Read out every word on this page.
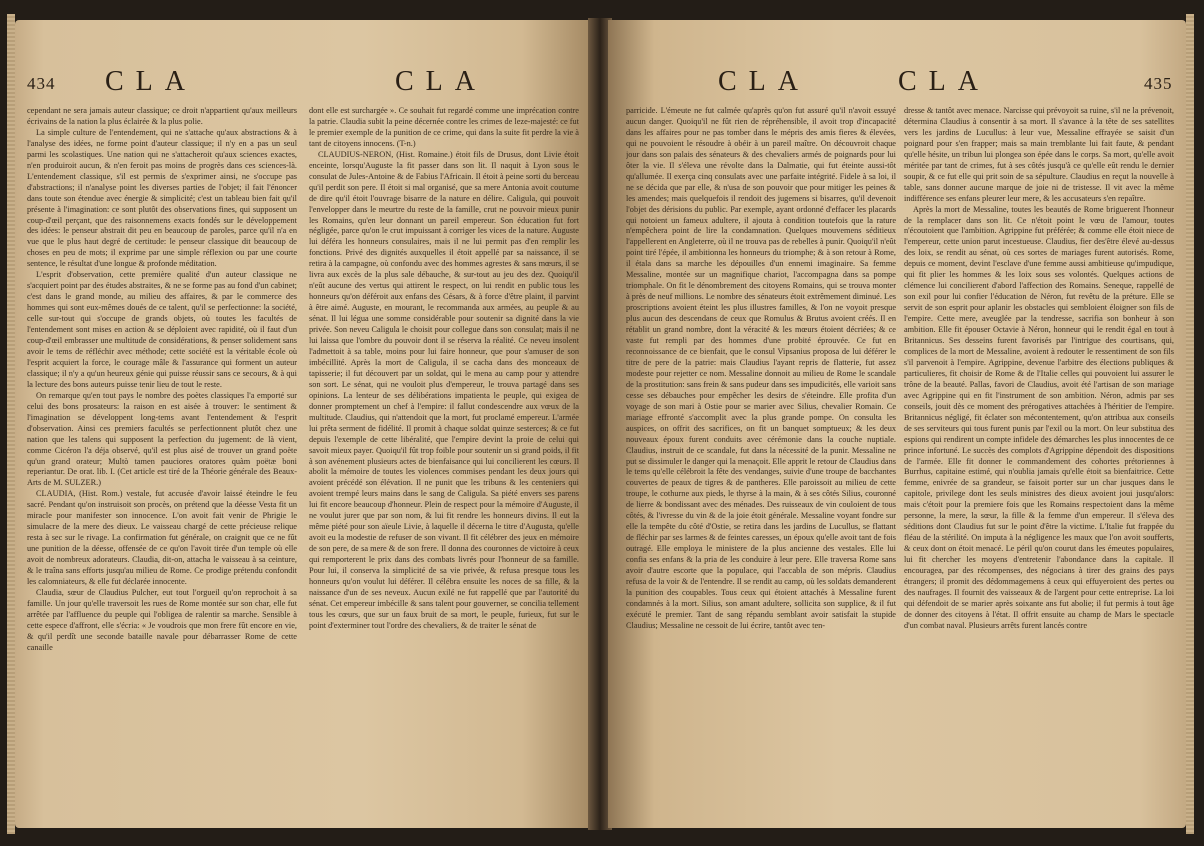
434 CLA	CLA

cependant ne sera jamais auteur classique; ce droit n'appartient qu'aux meilleurs écrivains de la nation la plus éclairée & la plus polie.

La simple culture de l'entendement, qui ne s'attache qu'aux abstractions & à l'analyse des idées, ne forme point d'auteur classique; il n'y en a pas un seul parmi les scolastiques. Une nation qui ne s'attacheroit qu'aux sciences exactes, n'en produiroit aucun, & n'en feroit pas moins de progrès dans ces sciences-là. L'entendement classique, s'il est permis de s'exprimer ainsi, ne s'occupe pas d'abstractions; il n'analyse point les diverses parties de l'objet; il fait l'énoncer dans toute son étendue avec énergie & simplicité; c'est un tableau bien fait qu'il présente à l'imagination: ce sont plutôt des observations fines, qui supposent un coup-d'œil perçant, que des raisonnemens exacts fondés sur le développement des idées: le penseur abstrait dit peu en beaucoup de paroles, parce qu'il n'a en vue que le plus haut degré de certitude: le penseur classique dit beaucoup de choses en peu de mots; il exprime par une simple réflexion ou par une courte sentence, le résultat d'une longue & profonde méditation.

L'esprit d'observation, cette première qualité d'un auteur classique ne s'acquiert point par des études abstraites, & ne se forme pas au fond d'un cabinet; c'est dans le grand monde, au milieu des affaires, & par le commerce des hommes qui sont eux-mêmes doués de ce talent, qu'il se perfectionne: la société, celle sur-tout qui s'occupe de grands objets, où toutes les facultés de l'entendement sont mises en action & se déploient avec rapidité, où il faut d'un coup-d'œil embrasser une multitude de considérations, & penser solidement sans avoir le tems de réfléchir avec méthode; cette société est la véritable école où l'esprit acquiert la force, le courage mâle & l'assurance qui forment un auteur classique; il n'y a qu'un heureux génie qui puisse réussir sans ce secours, & à qui la lecture des bons auteurs puisse tenir lieu de tout le reste.

On remarque qu'en tout pays le nombre des poètes classiques l'a emporté sur celui des bons prosateurs: la raison en est aisée à trouver: le sentiment & l'imagination se développent long-tems avant l'entendement & l'esprit d'observation. Ainsi ces premiers facultés se perfectionnent plutôt chez une nation que les talens qui supposent la perfection du jugement: de là vient, comme Cicéron l'a déja observé, qu'il est plus aisé de trouver un grand poète qu'un grand orateur; Multò tamen pauciores oratores quàm poëtæ boni reperiantur. De orat. lib. I. (Cet article est tiré de la Théorie générale des Beaux-Arts de M. SULZER.)

CLAUDIA, (Hist. Rom.) vestale, fut accusée d'avoir laissé éteindre le feu sacré. Pendant qu'on instruisoit son procès, on prétend que la déesse Vesta fit un miracle pour manifester son innocence. L'on avoit fait venir de Phrigie le simulacre de la mere des dieux. Le vaisseau chargé de cette précieuse relique resta à sec sur le rivage. La confirmation fut générale, on craignit que ce ne fût une punition de la déesse, offensée de ce qu'on l'avoit tirée d'un temple où elle avoit de nombreux adorateurs. Claudia, dit-on, attacha le vaisseau à sa ceinture, & le traîna sans efforts jusqu'au milieu de Rome. Ce prodige prétendu confondit les calomniateurs, & elle fut déclarée innocente.

Claudia, sœur de Claudius Pulcher, eut tout l'orgueil qu'on reprochoit à sa famille. Un jour qu'elle traversoit les rues de Rome montée sur son char, elle fut arrêtée par l'affluence du peuple qui l'obligea de ralentir sa marche. Sensible à cette espece d'affront, elle s'écria: « Je voudrois que mon frere fût encore en vie, & qu'il perdît une seconde bataille navale pour débarrasser Rome de cette canaille

dont elle est surchargée ». Ce souhait fut regardé comme une imprécation contre la patrie. Claudia subit la peine décernée contre les crimes de leze-majesté: ce fut le premier exemple de la punition de ce crime, qui dans la suite fit perdre la vie à tant de citoyens innocens. (T-n.)

CLAUDIUS-NERON, (Hist. Romaine.) étoit fils de Drusus, dont Livie étoit enceinte, lorsqu'Auguste la fit passer dans son lit. Il naquit à Lyon sous le consulat de Jules-Antoine & de Fabius l'Africain. Il étoit à peine sorti du berceau qu'il perdit son pere. Il étoit si mal organisé, que sa mere Antonia avoit coutume de dire qu'il étoit l'ouvrage bisarre de la nature en délire. Caligula, qui pouvoit l'envelopper dans le meurtre du reste de la famille, crut ne pouvoir mieux punir les Romains, qu'en leur donnant un pareil empereur. Son éducation fut fort négligée, parce qu'on le crut impuissant à corriger les vices de la nature. Auguste lui déféra les honneurs consulaires, mais il ne lui permit pas d'en remplir les fonctions. Privé des dignités auxquelles il étoit appellé par sa naissance, il se retira à la campagne, où confondu avec des hommes agrestes & sans mœurs, il se livra aux excès de la plus sale débauche, & sur-tout au jeu des dez. Quoiqu'il n'eût aucune des vertus qui attirent le respect, on lui rendit en public tous les honneurs qu'on déféroit aux enfans des Césars, & à force d'être plaint, il parvint à être aimé. Auguste, en mourant, le recommanda aux armées, au peuple & au sénat. Il lui légua une somme considérable pour soutenir sa dignité dans la vie privée. Son neveu Caligula le choisit pour collegue dans son consulat; mais il ne lui laissa que l'ombre du pouvoir dont il se réserva la réalité. Ce neveu insolent l'admettoit à sa table, moins pour lui faire honneur, que pour s'amuser de son imbécillité. Après la mort de Caligula, il se cacha dans des monceaux de tapisserie; il fut découvert par un soldat, qui le mena au camp pour y attendre son sort. Le sénat, qui ne vouloit plus d'empereur, le trouva partagé dans ses opinions. La lenteur de ses délibérations impatienta le peuple, qui exigea de donner promptement un chef à l'empire: il fallut condescendre aux vœux de la multitude. Claudius, qui n'attendoit que la mort, fut proclamé empereur. L'armée lui prêta serment de fidélité. Il promit à chaque soldat quinze sesterces; & ce fut depuis l'exemple de cette libéralité, que l'empire devint la proie de celui qui savoit mieux payer. Quoiqu'il fût trop foible pour soutenir un si grand poids, il fit à son avénement plusieurs actes de bienfaisance qui lui concilierent les cœurs. Il abolit la mémoire de toutes les violences commises pendant les deux jours qui avoient précédé son élévation. Il ne punit que les tribuns & les centeniers qui avoient trempé leurs mains dans le sang de Caligula. Sa piété envers ses parens lui fit encore beaucoup d'honneur. Plein de respect pour la mémoire d'Auguste, il ne voulut jurer que par son nom, & lui fit rendre les honneurs divins. Il eut la même piété pour son aïeule Livie, à laquelle il décerna le titre d'Augusta, qu'elle avoit eu la modestie de refuser de son vivant. Il fit célébrer des jeux en mémoire de son pere, de sa mere & de son frere. Il donna des couronnes de victoire à ceux qui remporterent le prix dans des combats livrés pour l'honneur de sa famille. Pour lui, il conserva la simplicité de sa vie privée, & refusa presque tous les honneurs qu'on voulut lui déférer. Il célébra ensuite les noces de sa fille, & la naissance d'un de ses neveux. Aucun exilé ne fut rappellé que par l'autorité du sénat. Cet empereur imbécille & sans talent pour gouverner, se concilia tellement tous les cœurs, que sur un faux bruit de sa mort, le peuple, furieux, fut sur le point d'exterminer tout l'ordre des chevaliers, & de traiter le sénat de

CLA	CLA	435

parricide. L'émeute ne fut calmée qu'après qu'on fut assuré qu'il n'avoit essuyé aucun danger. Quoiqu'il ne fût rien de répréhensible, il avoit trop d'incapacité dans les affaires pour ne pas tomber dans le mépris des amis fieres & élevées, qui ne pouvoient le résoudre à obéir à un pareil maître. On découvroit chaque jour dans son palais des sénateurs & des chevaliers armés de poignards pour lui ôter la vie. Il s'éleva une révolte dans la Dalmatie, qui fut éteinte aussi-tôt qu'allumée. Il exerça cinq consulats avec une parfaite intégrité. Fidele à sa loi, il ne se décida que par elle, & n'usa de son pouvoir que pour mitiger les peines & les amendes; mais quelquefois il rendoit des jugemens si bisarres, qu'il devenoit l'objet des dérisions du public. Par exemple, ayant ordonné d'effacer les placards qui notoient un fameux adultere, il ajouta à condition toutefois que la rature n'empêchera point de lire la condamnation. Quelques mouvemens séditieux l'appellerent en Angleterre, où il ne trouva pas de rebelles à punir. Quoiqu'il n'eût point tiré l'épée, il ambitionna les honneurs du triomphe; & à son retour à Rome, il étala dans sa marche les dépouilles d'un ennemi imaginaire. Sa femme Messaline, montée sur un magnifique chariot, l'accompagna dans sa pompe triomphale. On fit le dénombrement des citoyens Romains, qui se trouva monter à près de neuf millions. Le nombre des sénateurs étoit extrêmement diminué. Les proscriptions avoient éteint les plus illustres familles, & l'on ne voyoit presque plus aucun des descendans de ceux que Romulus & Brutus avoient créés. Il en rétablit un grand nombre, dont la véracité & les mœurs étoient décriées; & ce vaste fut rempli par des hommes d'une probité éprouvée. Ce fut en reconnoissance de ce bienfait, que le consul Vipsanius proposa de lui déférer le titre de pere de la patrie: mais Claudius l'ayant repris de flatterie, fut assez modeste pour rejetter ce nom. Messaline donnoit au milieu de Rome le scandale de la prostitution: sans frein & sans pudeur dans ses impudicités, elle varioit sans cesse ses débauches pour empêcher les desirs de s'éteindre. Elle profita d'un voyage de son mari à Ostie pour se marier avec Silius, chevalier Romain. Ce mariage effronté s'accomplit avec la plus grande pompe. On consulta les auspices, on offrit des sacrifices, on fit un banquet somptueux; & les deux nouveaux époux furent conduits avec cérémonie dans la couche nuptiale. Claudius, instruit de ce scandale, fut dans la nécessité de la punir. Messaline ne put se dissimuler le danger qui la menaçoit. Elle apprit le retour de Claudius dans le tems qu'elle célébroit la fête des vendanges, suivie d'une troupe de bacchantes couvertes de peaux de tigres & de pantheres. Elle paroissoit au milieu de cette troupe, le cothurne aux pieds, le thyrse à la main, & à ses côtés Silius, couronné de lierre & bondissant avec des ménades. Des ruisseaux de vin couloient de tous côtés, & l'ivresse du vin & de la joie étoit générale. Messaline voyant fondre sur elle la tempête du côté d'Ostie, se retira dans les jardins de Lucullus, se flattant de fléchir par ses larmes & de feintes caresses, un époux qu'elle avoit tant de fois outragé. Elle employa le ministere de la plus ancienne des vestales. Elle lui confia ses enfans & la pria de les conduire à leur pere. Elle traversa Rome sans avoir d'autre escorte que la populace, qui l'accabla de son mépris. Claudius refusa de la voir & de l'entendre. Il se rendit au camp, où les soldats demanderent la punition des coupables. Tous ceux qui étoient attachés à Messaline furent condamnés à la mort. Silius, son amant adultere, sollicita son supplice, & il fut exécuté le premier. Tant de sang répandu semblant avoir satisfait la stupide Claudius; Messaline ne cessoit de lui écrire, tantôt avec ten-

dresse & tantôt avec menace. Narcisse qui prévoyoit sa ruine, s'il ne la prévenoit, détermina Claudius à consentir à sa mort. Il s'avance à la tête de ses satellites vers les jardins de Lucullus: à leur vue, Messaline effrayée se saisit d'un poignard pour s'en frapper; mais sa main tremblante lui fait faute, & pendant qu'elle hésite, un tribun lui plongea son épée dans le corps. Sa mort, qu'elle avoit méritée par tant de crimes, fut à ses côtés jusqu'à ce qu'elle eût rendu le dernier soupir, & ce fut elle qui prit soin de sa sépulture. Claudius en reçut la nouvelle à table, sans donner aucune marque de joie ni de tristesse. Il vit avec la même indifférence ses enfans pleurer leur mere, & les accusateurs s'en repaître.

Après la mort de Messaline, toutes les beautés de Rome briguerent l'honneur de la remplacer dans son lit. Ce n'étoit point le vœu de l'amour, toutes n'écoutoient que l'ambition. Agrippine fut préférée; & comme elle étoit niece de l'empereur, cette union parut incestueuse. Claudius, fier des'être élevé au-dessus des loix, se rendit au sénat, où ces sortes de mariages furent autorisés. Rome, depuis ce moment, devint l'esclave d'une femme aussi ambitieuse qu'impudique, qui fit plier les hommes & les loix sous ses volontés. Quelques actions de clémence lui concilierent d'abord l'affection des Romains. Seneque, rappellé de son exil pour lui confier l'éducation de Néron, fut revêtu de la préture. Elle se servit de son esprit pour aplanir les obstacles qui sembloient éloigner son fils de l'empire. Cette mere, aveuglée par la tendresse, sacrifia son bonheur à son ambition. Elle fit épouser Octavie à Néron, honneur qui le rendit égal en tout à Britannicus. Ses desseins furent favorisés par l'intrigue des courtisans, qui, complices de la mort de Messaline, avoient à redouter le ressentiment de son fils s'il parvenoit à l'empire. Agrippine, devenue l'arbitre des élections publiques & particulieres, fit choisir de Rome & de l'Italie celles qui pouvoient lui assurer le trône de la beauté. Pallas, favori de Claudius, avoit été l'artisan de son mariage avec Agrippine qui en fit l'instrument de son ambition. Néron, admis par ses conseils, jouit dès ce moment des prérogatives attachées à l'héritier de l'empire. Britannicus négligé, fit éclater son mécontentement, qu'on attribua aux conseils de ses serviteurs qui tous furent punis par l'exil ou la mort. On leur substitua des espions qui rendirent un compte infidele des démarches les plus innocentes de ce prince infortuné. Le succès des complots d'Agrippine dépendoit des dispositions de l'armée. Elle fit donner le commandement des cohortes prétoriennes à Burrhus, capitaine estimé, qui n'oublia jamais qu'elle étoit sa bienfaitrice. Cette femme, enivrée de sa grandeur, se faisoit porter sur un char jusques dans le capitole, privilege dont les seuls ministres des dieux avoient joui jusqu'alors: mais c'étoit pour la premiere fois que les Romains respectoient dans la même personne, la mere, la sœur, la fille & la femme d'un empereur. Il s'éleva des séditions dont Claudius fut sur le point d'être la victime. L'Italie fut frappée du fléau de la stérilité. On imputa à la négligence les maux que l'on avoit soufferts, & ceux dont on étoit menacé. Le péril qu'on courut dans les émeutes populaires, lui fit chercher les moyens d'entretenir l'abondance dans la capitale. Il encouragea, par des récompenses, des négocians à tirer des grains des pays étrangers; il promit des dédommagemens à ceux qui effuyeroient des pertes ou des naufrages. Il fournit des vaisseaux & de l'argent pour cette entreprise. La loi qui défendoit de se marier après soixante ans fut abolie; il fut permis à tout âge de donner des citoyens à l'état. Il offrit ensuite au champ de Mars le spectacle d'un combat naval. Plusieurs arrêts furent lancés contre
